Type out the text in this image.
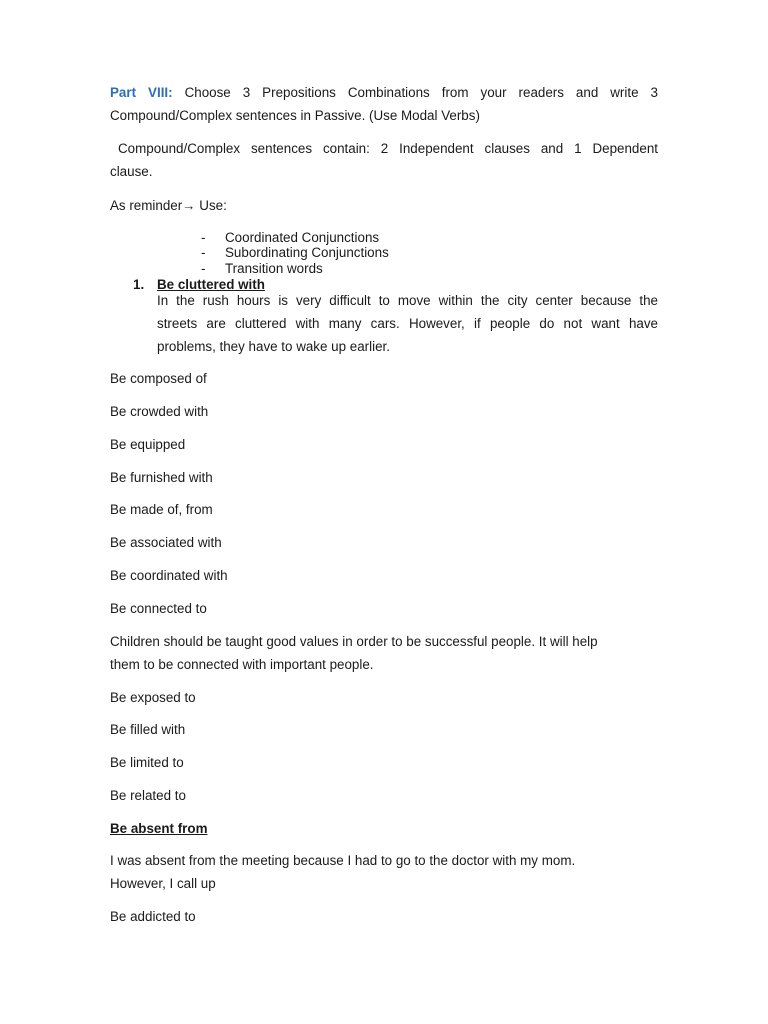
Part VIII: Choose 3 Prepositions Combinations from your readers and write 3
Compound/Complex sentences in Passive. (Use Modal Verbs)
Compound/Complex sentences contain: 2 Independent clauses and 1 Dependent
clause.
As reminder→ Use:
- Coordinated Conjunctions
- Subordinating Conjunctions
- Transition words
1. Be cluttered with
In the rush hours is very difficult to move within the city center because the
streets are cluttered with many cars. However, if people do not want have
problems, they have to wake up earlier.
Be composed of
Be crowded with
Be equipped
Be furnished with
Be made of, from
Be associated with
Be coordinated with
Be connected to
Children should be taught good values in order to be successful people. It will help
them to be connected with important people.
Be exposed to
Be filled with
Be limited to
Be related to
Be absent from
I was absent from the meeting because I had to go to the doctor with my mom.
However, I call up
Be addicted to
